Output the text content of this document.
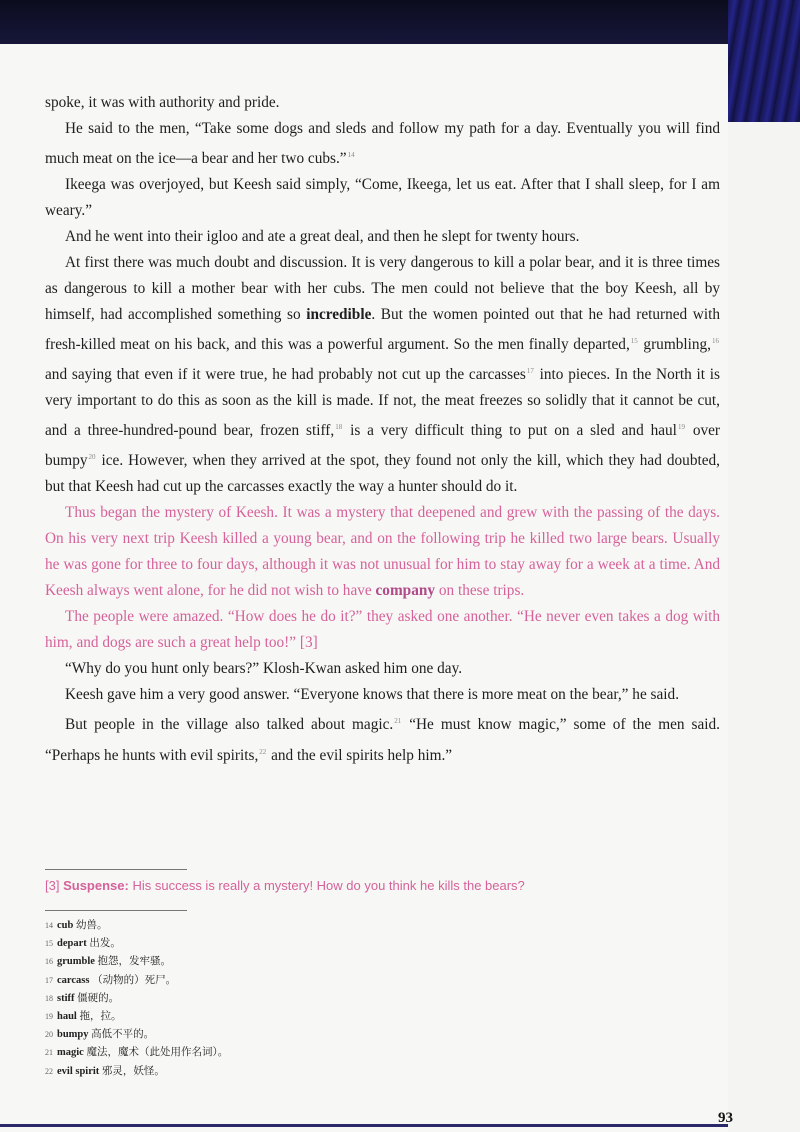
spoke, it was with authority and pride.

He said to the men, “Take some dogs and sleds and follow my path for a day. Eventually you will find much meat on the ice—a bear and her two cubs.”$^{14}$

Ikeega was overjoyed, but Keesh said simply, “Come, Ikeega, let us eat. After that I shall sleep, for I am weary.”

And he went into their igloo and ate a great deal, and then he slept for twenty hours.

At first there was much doubt and discussion. It is very dangerous to kill a polar bear, and it is three times as dangerous to kill a mother bear with her cubs. The men could not believe that the boy Keesh, all by himself, had accomplished something so incredible. But the women pointed out that he had returned with fresh-killed meat on his back, and this was a powerful argument. So the men finally departed,$^{15}$ grumbling,$^{16}$ and saying that even if it were true, he had probably not cut up the carcasses$^{17}$ into pieces. In the North it is very important to do this as soon as the kill is made. If not, the meat freezes so solidly that it cannot be cut, and a three-hundred-pound bear, frozen stiff,$^{18}$ is a very difficult thing to put on a sled and haul$^{19}$ over bumpy$^{20}$ ice. However, when they arrived at the spot, they found not only the kill, which they had doubted, but that Keesh had cut up the carcasses exactly the way a hunter should do it.

Thus began the mystery of Keesh. It was a mystery that deepened and grew with the passing of the days. On his very next trip Keesh killed a young bear, and on the following trip he killed two large bears. Usually he was gone for three to four days, although it was not unusual for him to stay away for a week at a time. And Keesh always went alone, for he did not wish to have company on these trips.

The people were amazed. “How does he do it?” they asked one another. “He never even takes a dog with him, and dogs are such a great help too!” [3]

“Why do you hunt only bears?” Klosh-Kwan asked him one day.

Keesh gave him a very good answer. “Everyone knows that there is more meat on the bear,” he said.

But people in the village also talked about magic.$^{21}$ “He must know magic,” some of the men said. “Perhaps he hunts with evil spirits,$^{22}$ and the evil spirits help him.”

[3] Suspense: His success is really a mystery! How do you think he kills the bears?
14 cub 幼兽。
15 depart 出发。
16 grumble 抱怨，发牢骚。
17 carcass （动物的）死尸。
18 stiff 僵硬的。
19 haul 拖，拉。
20 bumpy 高低不平的。
21 magic 魔法，魔术（此处用作名词）。
22 evil spirit 邪灵，妖怪。
93
